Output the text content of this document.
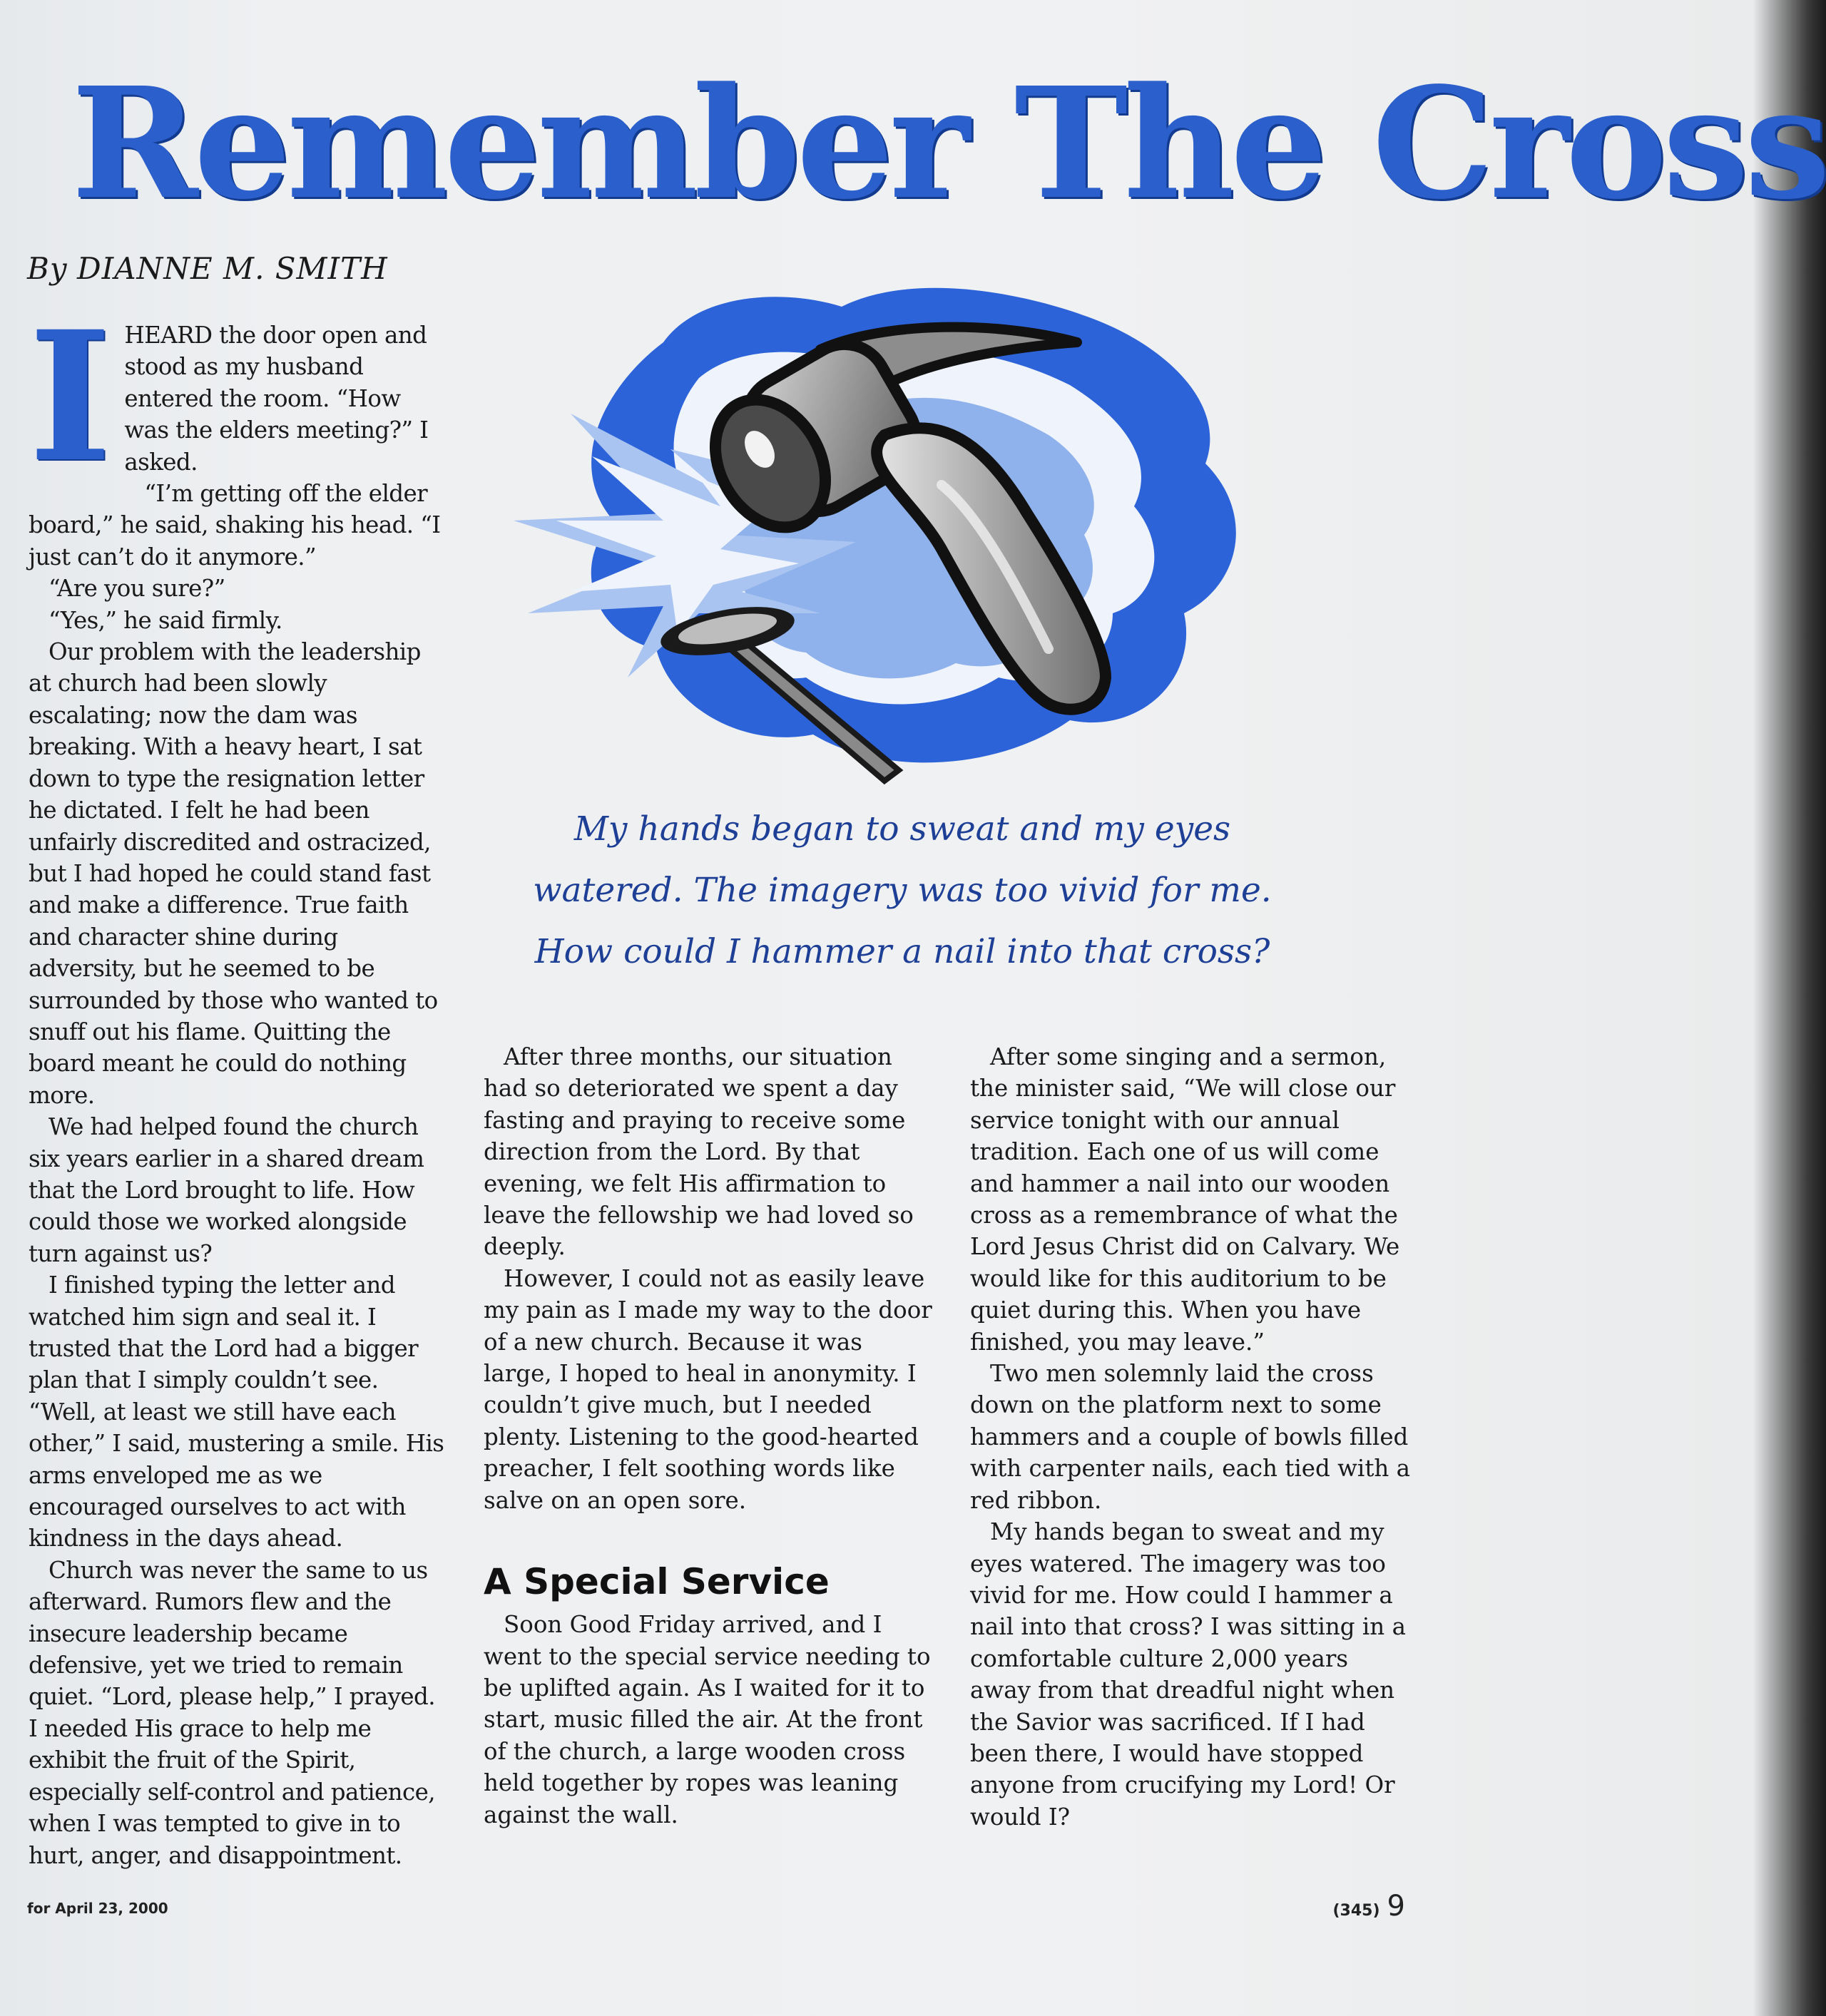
Remember The Cross
By DIANNE M. SMITH

My hands began to sweat and my eyes watered. The imagery was too vivid for me. How could I hammer a nail into that cross?

I HEARD the door open and stood as my husband entered the room. “How was the elders meeting?” I asked.

“I’m getting off the elder board,” he said, shaking his head. “I just can’t do it anymore.”

“Are you sure?”

“Yes,” he said firmly.

Our problem with the leadership at church had been slowly escalating; now the dam was breaking. With a heavy heart, I sat down to type the resignation letter he dictated. I felt he had been unfairly discredited and ostracized, but I had hoped he could stand fast and make a difference. True faith and character shine during adversity, but he seemed to be surrounded by those who wanted to snuff out his flame. Quitting the board meant he could do nothing more.

We had helped found the church six years earlier in a shared dream that the Lord brought to life. How could those we worked alongside turn against us?

I finished typing the letter and watched him sign and seal it. I trusted that the Lord had a bigger plan that I simply couldn’t see. “Well, at least we still have each other,” I said, mustering a smile. His arms enveloped me as we encouraged ourselves to act with kindness in the days ahead.

Church was never the same to us afterward. Rumors flew and the insecure leadership became defensive, yet we tried to remain quiet. “Lord, please help,” I prayed. I needed His grace to help me exhibit the fruit of the Spirit, especially self-control and patience, when I was tempted to give in to hurt, anger, and disappointment.

After three months, our situation had so deteriorated we spent a day fasting and praying to receive some direction from the Lord. By that evening, we felt His affirmation to leave the fellowship we had loved so deeply.

However, I could not as easily leave my pain as I made my way to the door of a new church. Because it was large, I hoped to heal in anonymity. I couldn’t give much, but I needed plenty. Listening to the good-hearted preacher, I felt soothing words like salve on an open sore.

A Special Service

Soon Good Friday arrived, and I went to the special service needing to be uplifted again. As I waited for it to start, music filled the air. At the front of the church, a large wooden cross held together by ropes was leaning against the wall.

After some singing and a sermon, the minister said, “We will close our service tonight with our annual tradition. Each one of us will come and hammer a nail into our wooden cross as a remembrance of what the Lord Jesus Christ did on Calvary. We would like for this auditorium to be quiet during this. When you have finished, you may leave.”

Two men solemnly laid the cross down on the platform next to some hammers and a couple of bowls filled with carpenter nails, each tied with a red ribbon.

My hands began to sweat and my eyes watered. The imagery was too vivid for me. How could I hammer a nail into that cross? I was sitting in a comfortable culture 2,000 years away from that dreadful night when the Savior was sacrificed. If I had been there, I would have stopped anyone from crucifying my Lord! Or would I?

for April 23, 2000	(345) 9
